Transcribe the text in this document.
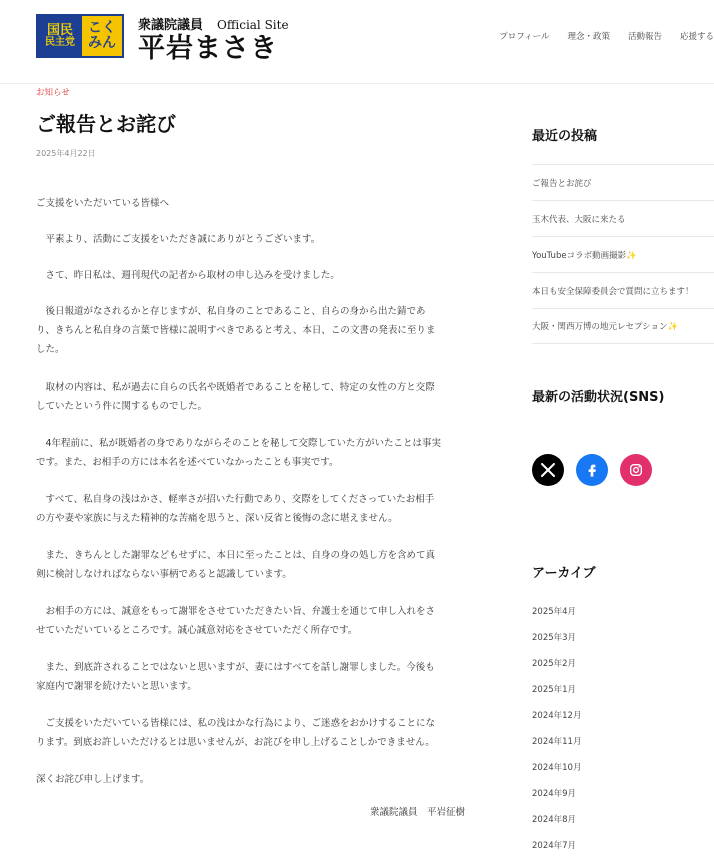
国民
民主党
こく
みん
衆議院議員 Official Site
平岩まさき	プロフィール 理念・政策 活動報告 応援する
お知らせ
ご報告とお詫び
2025年4月22日
ご支援をいただいている皆様へ
　平素より、活動にご支援をいただき誠にありがとうございます。
　さて、昨日私は、週刊現代の記者から取材の申し込みを受けました。
　後日報道がなされるかと存じますが、私自身のことであること、自らの身から出た錆であ
り、きちんと私自身の言葉で皆様に説明すべきであると考え、本日、この文書の発表に至りま
した。
　取材の内容は、私が過去に自らの氏名や既婚者であることを秘して、特定の女性の方と交際
していたという件に関するものでした。
　4年程前に、私が既婚者の身でありながらそのことを秘して交際していた方がいたことは事実
です。また、お相手の方には本名を述べていなかったことも事実です。
　すべて、私自身の浅はかさ、軽率さが招いた行動であり、交際をしてくださっていたお相手
の方や妻や家族に与えた精神的な苦痛を思うと、深い反省と後悔の念に堪えません。
　また、きちんとした謝罪などもせずに、本日に至ったことは、自身の身の処し方を含めて真
剣に検討しなければならない事柄であると認識しています。
　お相手の方には、誠意をもって謝罪をさせていただきたい旨、弁護士を通じて申し入れをさ
せていただいているところです。誠心誠意対応をさせていただく所存です。
　また、到底許されることではないと思いますが、妻にはすべてを話し謝罪しました。今後も
家庭内で謝罪を続けたいと思います。
　ご支援をいただいている皆様には、私の浅はかな行為により、ご迷惑をおかけすることにな
ります。到底お許しいただけるとは思いませんが、お詫びを申し上げることしかできません。
深くお詫び申し上げます。
衆議院議員　平岩征樹
最近の投稿
ご報告とお詫び
玉木代表、大阪に来たる
YouTubeコラボ動画撮影✨
本日も安全保障委員会で質問に立ちます！
大阪・関西万博の地元レセプション✨
最新の活動状況(SNS)
アーカイブ
2025年4月
2025年3月
2025年2月
2025年1月
2024年12月
2024年11月
2024年10月
2024年9月
2024年8月
2024年7月
